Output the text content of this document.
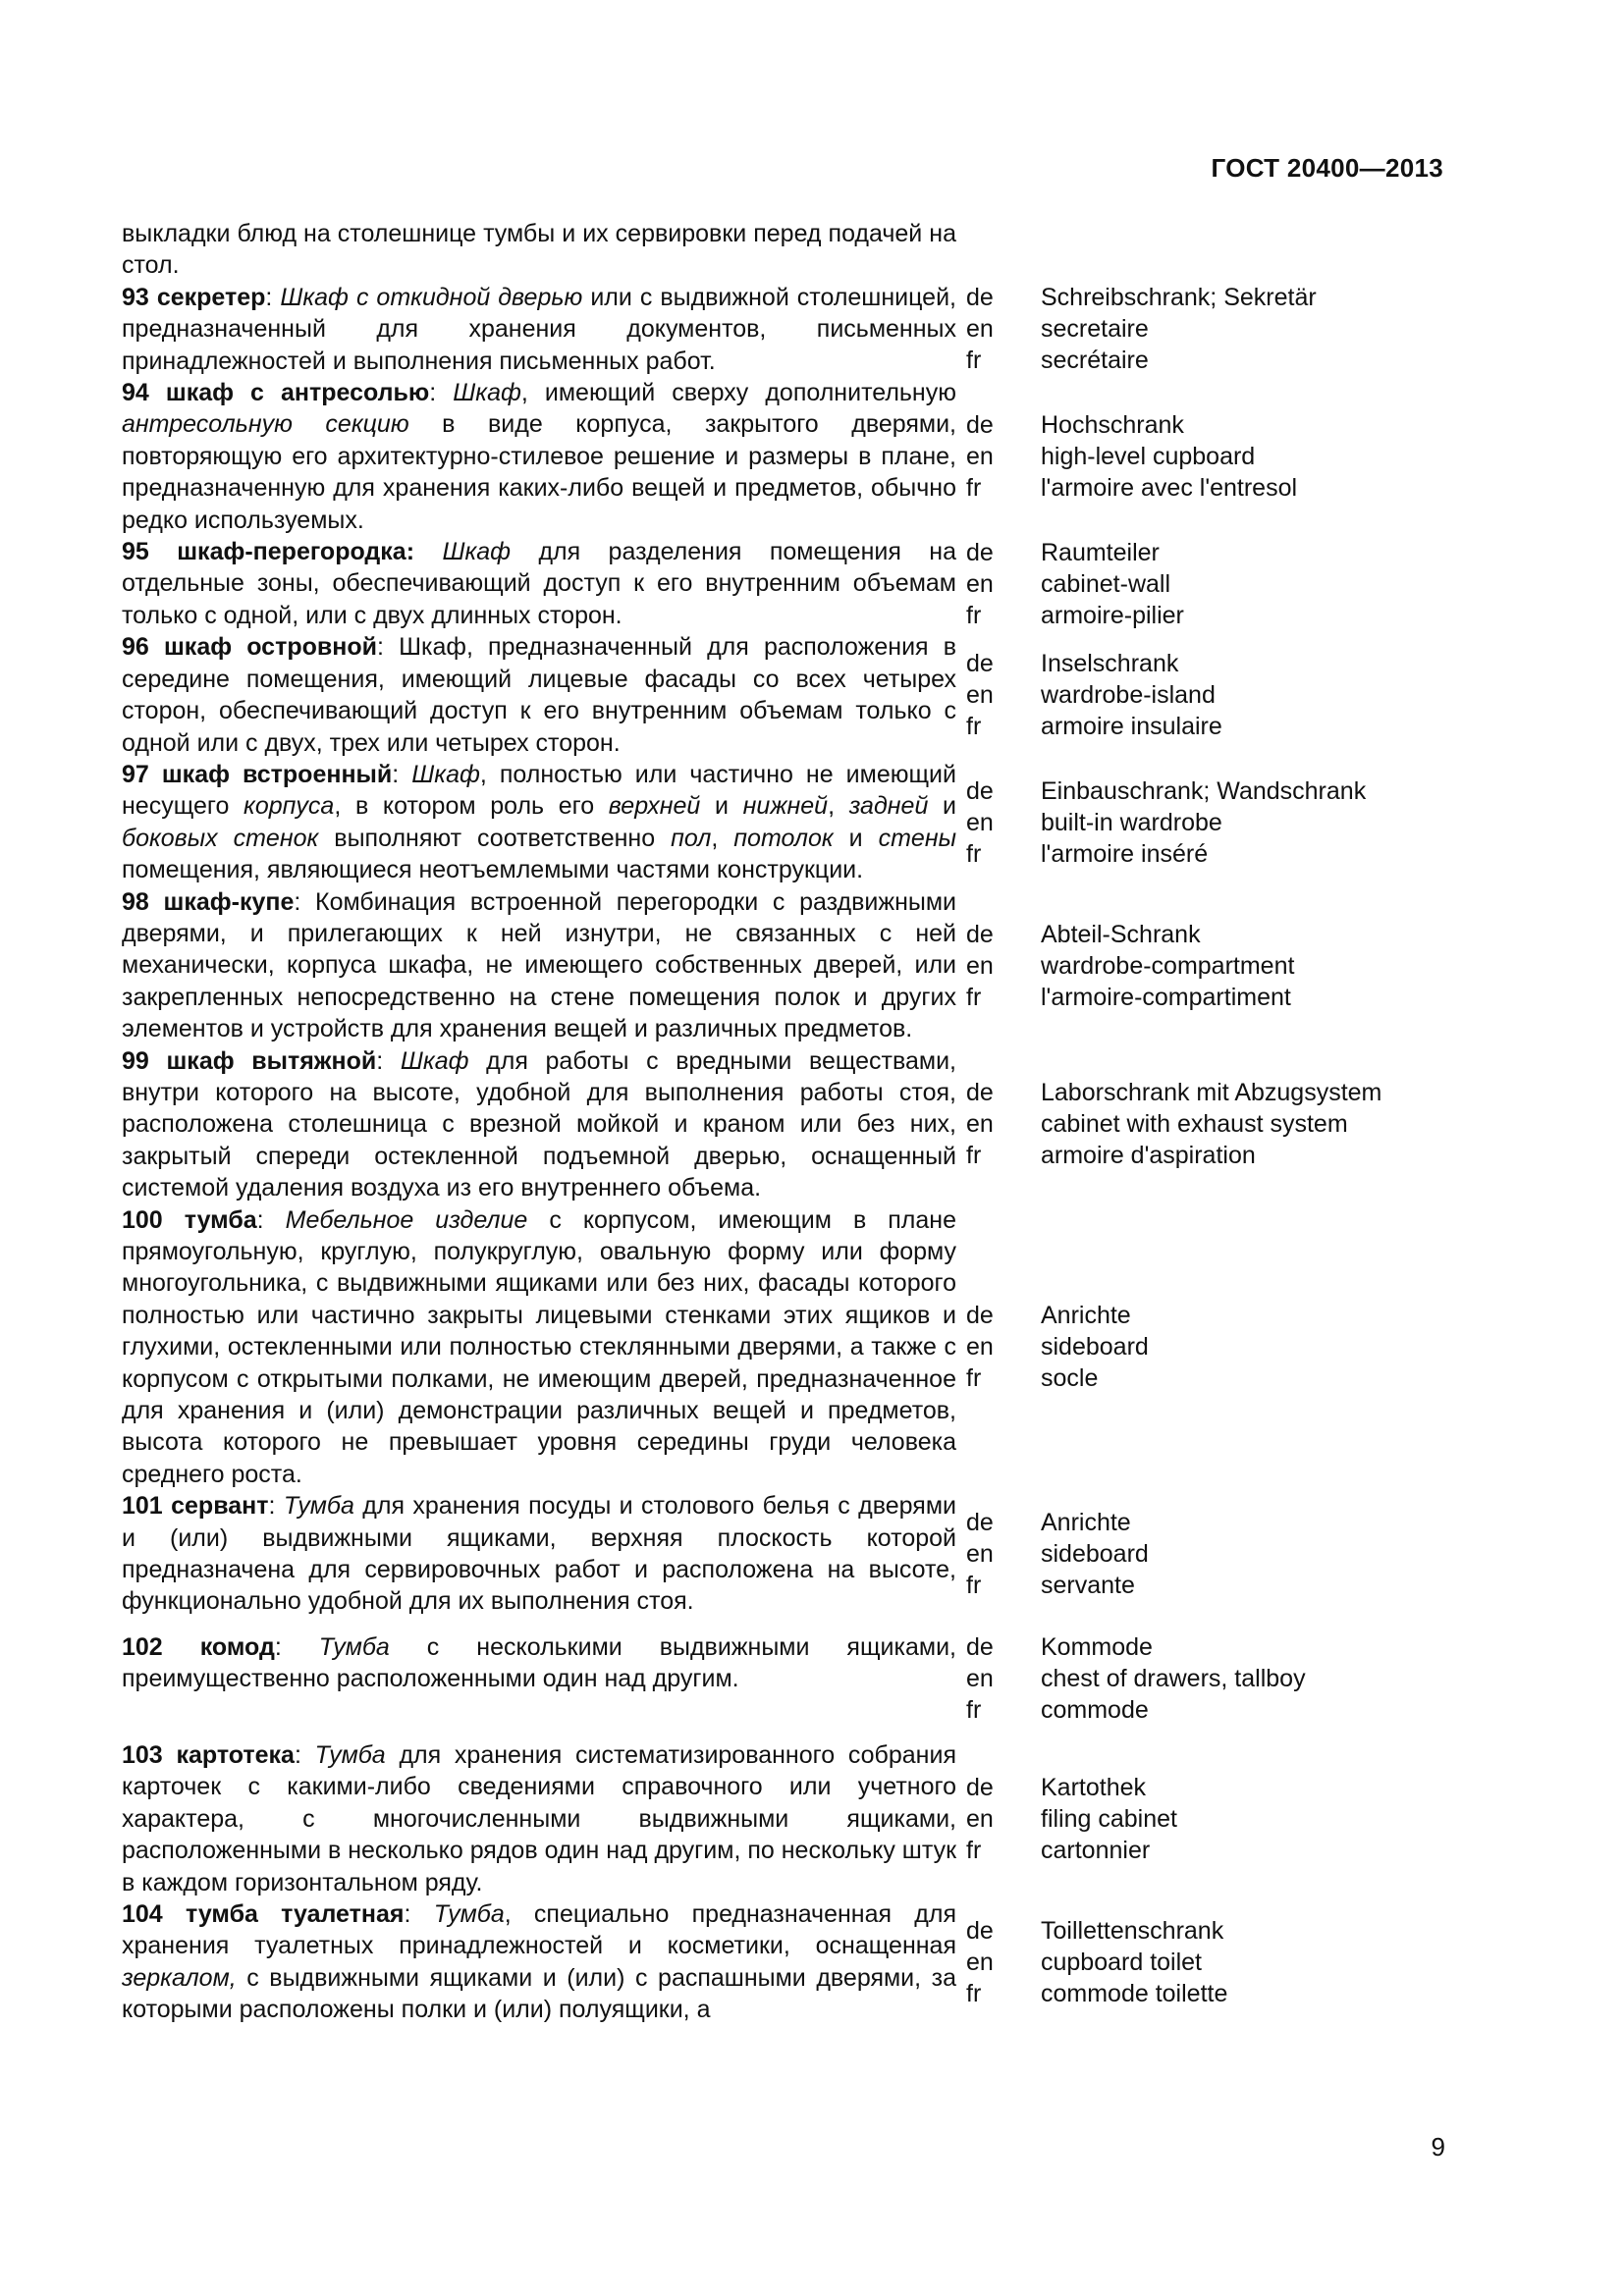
ГОСТ 20400—2013
выкладки блюд на столешнице тумбы и их сервировки перед подачей на стол.
93 секретер: Шкаф с откидной дверью или с выдвижной столешницей, предназначенный для хранения документов, письменных принадлежностей и выполнения письменных работ.
de
en
fr
Schreibschrank; Sekretär
secretaire
secrétaire
94 шкаф с антресолью: Шкаф, имеющий сверху дополнительную антресольную секцию в виде корпуса, закрытого дверями, повторяющую его архитектурно-стилевое решение и размеры в плане, предназначенную для хранения каких-либо вещей и предметов, обычно редко используемых.
de
en
fr
Hochschrank
high-level cupboard
l'armoire avec l'entresol
95 шкаф-перегородка: Шкаф для разделения помещения на отдельные зоны, обеспечивающий доступ к его внутренним объемам только с одной, или с двух длинных сторон.
de
en
fr
Raumteiler
cabinet-wall
armoire-pilier
96 шкаф островной: Шкаф, предназначенный для расположения в середине помещения, имеющий лицевые фасады со всех четырех сторон, обеспечивающий доступ к его внутренним объемам только с одной или с двух, трех или четырех сторон.
de
en
fr
Inselschrank
wardrobe-island
armoire insulaire
97 шкаф встроенный: Шкаф, полностью или частично не имеющий несущего корпуса, в котором роль его верхней и нижней, задней и боковых стенок выполняют соответственно пол, потолок и стены помещения, являющиеся неотъемлемыми частями конструкции.
de
en
fr
Einbauschrank; Wandschrank
built-in wardrobe
l'armoire inséré
98 шкаф-купе: Комбинация встроенной перегородки с раздвижными дверями, и прилегающих к ней изнутри, не связанных с ней механически, корпуса шкафа, не имеющего собственных дверей, или закрепленных непосредственно на стене помещения полок и других элементов и устройств для хранения вещей и различных предметов.
de
en
fr
Abteil-Schrank
wardrobe-compartment
l'armoire-compartiment
99 шкаф вытяжной: Шкаф для работы с вредными веществами, внутри которого на высоте, удобной для выполнения работы стоя, расположена столешница с врезной мойкой и краном или без них, закрытый спереди остекленной подъемной дверью, оснащенный системой удаления воздуха из его внутреннего объема.
de
en
fr
Laborschrank mit Abzugsystem
cabinet with exhaust system
armoire d'aspiration
100 тумба: Мебельное изделие с корпусом, имеющим в плане прямоугольную, круглую, полукруглую, овальную форму или форму многоугольника, с выдвижными ящиками или без них, фасады которого полностью или частично закрыты лицевыми стенками этих ящиков и глухими, остекленными или полностью стеклянными дверями, а также с корпусом с открытыми полками, не имеющим дверей, предназначенное для хранения и (или) демонстрации различных вещей и предметов, высота которого не превышает уровня середины груди человека среднего роста.
de
en
fr
Anrichte
sideboard
socle
101 сервант: Тумба для хранения посуды и столового белья с дверями и (или) выдвижными ящиками, верхняя плоскость которой предназначена для сервировочных работ и расположена на высоте, функционально удобной для их выполнения стоя.
de
en
fr
Anrichte
sideboard
servante
102 комод: Тумба с несколькими выдвижными ящиками, преимущественно расположенными один над другим.
de
en
fr
Kommode
chest of drawers, tallboy
commode
103 картотека: Тумба для хранения систематизированного собрания карточек с какими-либо сведениями справочного или учетного характера, с многочисленными выдвижными ящиками, расположенными в несколько рядов один над другим, по нескольку штук в каждом горизонтальном ряду.
de
en
fr
Kartothek
filing cabinet
cartonnier
104 тумба туалетная: Тумба, специально предназначенная для хранения туалетных принадлежностей и косметики, оснащенная зеркалом, с выдвижными ящиками и (или) с распашными дверями, за которыми расположены полки и (или) полуящики, а
de
en
fr
Toillettenschrank
cupboard toilet
commode toilette
9
